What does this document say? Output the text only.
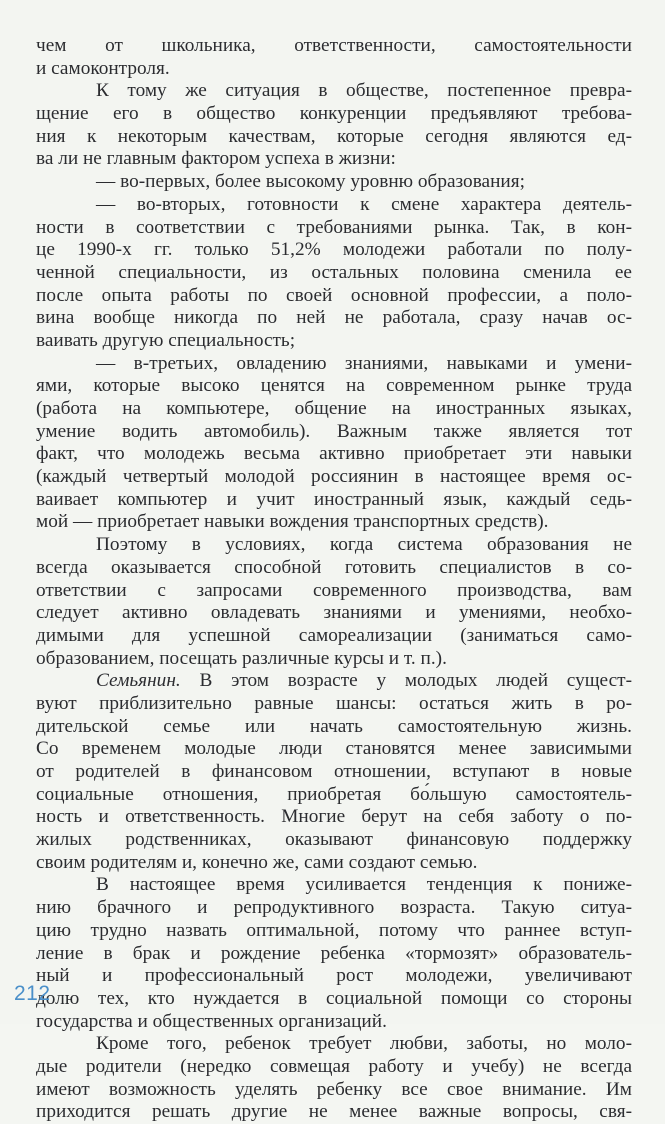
чем от школьника, ответственности, самостоятельности
и самоконтроля.
К тому же ситуация в обществе, постепенное превра-
щение его в общество конкуренции предъявляют требова-
ния к некоторым качествам, которые сегодня являются ед-
ва ли не главным фактором успеха в жизни:
— во-первых, более высокому уровню образования;
— во-вторых, готовности к смене характера деятель-
ности в соответствии с требованиями рынка. Так, в кон-
це 1990-х гг. только 51,2% молодежи работали по полу-
ченной специальности, из остальных половина сменила ее
после опыта работы по своей основной профессии, а поло-
вина вообще никогда по ней не работала, сразу начав ос-
ваивать другую специальность;
— в-третьих, овладению знаниями, навыками и умени-
ями, которые высоко ценятся на современном рынке труда
(работа на компьютере, общение на иностранных языках,
умение водить автомобиль). Важным также является тот
факт, что молодежь весьма активно приобретает эти навыки
(каждый четвертый молодой россиянин в настоящее время ос-
ваивает компьютер и учит иностранный язык, каждый седь-
мой — приобретает навыки вождения транспортных средств).
Поэтому в условиях, когда система образования не
всегда оказывается способной готовить специалистов в со-
ответствии с запросами современного производства, вам
следует активно овладевать знаниями и умениями, необхо-
димыми для успешной самореализации (заниматься само-
образованием, посещать различные курсы и т. п.).
Семьянин. В этом возрасте у молодых людей сущест-
вуют приблизительно равные шансы: остаться жить в ро-
дительской семье или начать самостоятельную жизнь.
Со временем молодые люди становятся менее зависимыми
от родителей в финансовом отношении, вступают в новые
социальные отношения, приобретая бо́льшую самостоятель-
ность и ответственность. Многие берут на себя заботу о по-
жилых родственниках, оказывают финансовую поддержку
своим родителям и, конечно же, сами создают семью.
В настоящее время усиливается тенденция к пониже-
нию брачного и репродуктивного возраста. Такую ситуа-
цию трудно назвать оптимальной, потому что раннее вступ-
ление в брак и рождение ребенка «тормозят» образователь-
ный и профессиональный рост молодежи, увеличивают
долю тех, кто нуждается в социальной помощи со стороны
государства и общественных организаций.
Кроме того, ребенок требует любви, заботы, но моло-
дые родители (нередко совмещая работу и учебу) не всегда
имеют возможность уделять ребенку все свое внимание. Им
приходится решать другие не менее важные вопросы, свя-
212
